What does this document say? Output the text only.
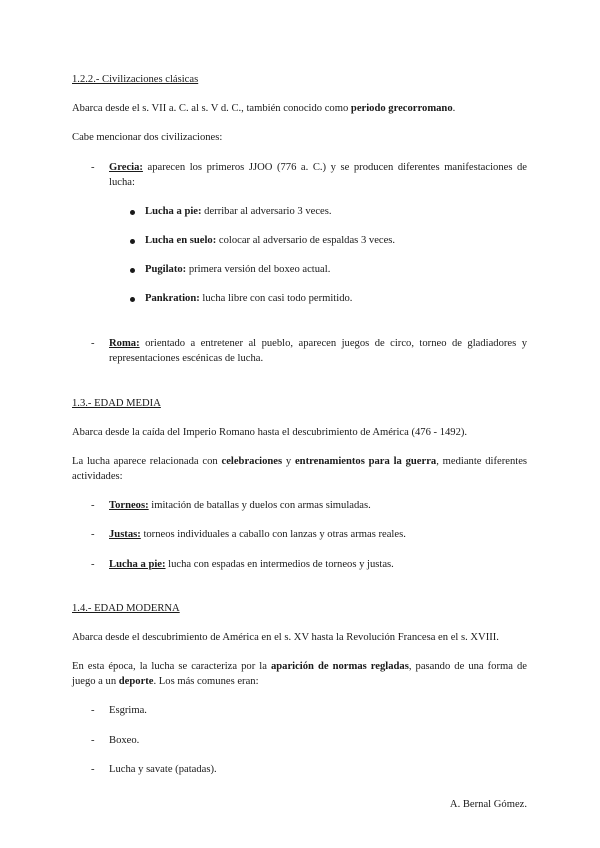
1.2.2.- Civilizaciones clásicas
Abarca desde el s. VII a. C. al s. V d. C., también conocido como periodo grecorromano.
Cabe mencionar dos civilizaciones:
- Grecia: aparecen los primeros JJOO (776 a. C.) y se producen diferentes manifestaciones de lucha:
Lucha a pie: derribar al adversario 3 veces.
Lucha en suelo: colocar al adversario de espaldas 3 veces.
Pugilato: primera versión del boxeo actual.
Pankration: lucha libre con casi todo permitido.
- Roma: orientado a entretener al pueblo, aparecen juegos de circo, torneo de gladiadores y representaciones escénicas de lucha.
1.3.- EDAD MEDIA
Abarca desde la caída del Imperio Romano hasta el descubrimiento de América (476 - 1492).
La lucha aparece relacionada con celebraciones y entrenamientos para la guerra, mediante diferentes actividades:
- Torneos: imitación de batallas y duelos con armas simuladas.
- Justas: torneos individuales a caballo con lanzas y otras armas reales.
- Lucha a pie: lucha con espadas en intermedios de torneos y justas.
1.4.- EDAD MODERNA
Abarca desde el descubrimiento de América en el s. XV hasta la Revolución Francesa en el s. XVIII.
En esta época, la lucha se caracteriza por la aparición de normas regladas, pasando de una forma de juego a un deporte. Los más comunes eran:
- Esgrima.
- Boxeo.
- Lucha y savate (patadas).
A. Bernal Gómez.
